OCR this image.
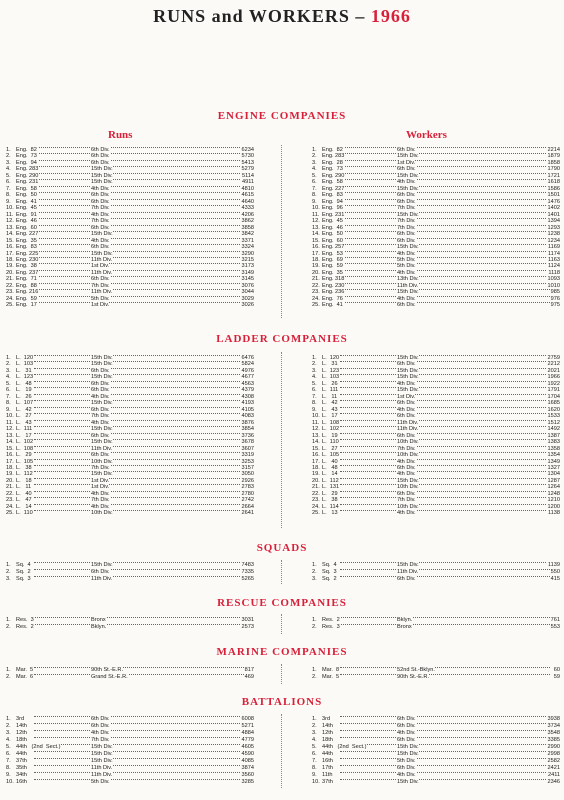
RUNS and WORKERS – 1966
ENGINE COMPANIES
Runs	Workers
1. Eng.  82	6th Div.	6234
2. Eng.  73	6th Div.	5730
3. Eng.  94	6th Div.	5413
4. Eng. 283	15th Div.	5279
5. Eng. 290	15th Div.	5114
6. Eng. 231	15th Div.	4911
7. Eng.  58	4th Div.	4810
8. Eng.  50	6th Div.	4615
9. Eng.  41	6th Div.	4640
10. Eng.  45	7th Div.	4333
11. Eng.  91	4th Div.	4206
12. Eng.  46	7th Div.	3862
13. Eng.  60	6th Div.	3858
14. Eng. 227	15th Div.	3842
15. Eng.  35	4th Div.	3371
16. Eng.  83	6th Div.	3324
17. Eng. 225	15th Div.	3290
18. Eng. 230	11th Div.	3215
19. Eng.  38	1st Div.	3173
20. Eng. 237	11th Div.	3149
21. Eng.  71	6th Div.	3145
22. Eng.  88	7th Div.	3076
23. Eng. 216	11th Div.	3044
24. Eng.  59	5th Div.	3029
25. Eng.  17	1st Div.	3026
1. Eng.  82	6th Div.	2214
2. Eng. 283	15th Div.	1879
3. Eng.  28	1st Div.	1858
4. Eng.  73	6th Div.	1790
5. Eng. 290	15th Div.	1721
6. Eng.  58	4th Div.	1618
7. Eng. 227	15th Div.	1586
8. Eng.  83	6th Div.	1501
9. Eng.  94	6th Div.	1476
10. Eng.  96	7th Div.	1402
11. Eng. 231	15th Div.	1401
12. Eng.  45	7th Div.	1394
13. Eng.  46	7th Div.	1293
14. Eng.  50	6th Div.	1238
15. Eng.  60	6th Div.	1234
16. Eng. 257	15th Div.	1169
17. Eng.  53	4th Div.	1174
18. Eng.  69	5th Div.	1163
19. Eng.  59	5th Div.	1124
20. Eng.  35	4th Div.	1118
21. Eng. 318	13th Div.	1093
22. Eng. 230	11th Div.	1010
23. Eng. 236	15th Div.	985
24. Eng.  76	4th Div.	976
25. Eng.  41	6th Div.	975
LADDER COMPANIES
1. L.  120	15th Div.	6476
2. L.  103	15th Div.	5824
3. L.   31	6th Div.	4976
4. L.  123	15th Div.	4677
5. L.   48	6th Div.	4563
6. L.   19	6th Div.	4379
7. L.   26	4th Div.	4308
8. L.  107	15th Div.	4193
9. L.   42	6th Div.	4105
10. L.   27	7th Div.	4083
11. L.   43	4th Div.	3876
12. L.  111	15th Div.	3854
13. L.   17	6th Div.	3736
14. L.  102	15th Div.	3678
15. L.  108	11th Div.	3607
16. L.   29	6th Div.	3319
17. L.  105	10th Div.	3253
18. L.   38	7th Div.	3157
19. L.  112	15th Div.	3050
20. L.   18	1st Div.	2926
21. L.   11	1st Div.	2783
22. L.   40	4th Div.	2780
23. L.   47	7th Div.	2742
24. L.   14	4th Div.	2664
25. L.  110	10th Div.	2641
1. L.  120	15th Div.	2759
2. L.   31	6th Div.	2212
3. L.  123	15th Div.	2021
4. L.  103	15th Div.	1966
5. L.   26	4th Div.	1922
6. L.  111	15th Div.	1791
7. L.   11	1st Div.	1704
8. L.   42	6th Div.	1685
9. L.   43	4th Div.	1620
10. L.   17	6th Div.	1533
11. L.  108	11th Div.	1512
12. L.  102	11th Div.	1492
13. L.   19	6th Div.	1387
14. L.  110	10th Div.	1383
15. L.   27	7th Div.	1358
16. L.  105	10th Div.	1354
17. L.   40	4th Div.	1349
18. L.   48	6th Div.	1327
19. L.   14	4th Div.	1304
20. L.  112	15th Div.	1287
21. L.  131	10th Div.	1264
22. L.   29	6th Div.	1248
23. L.   38	7th Div.	1210
24. L.  114	10th Div.	1200
25. L.   13	4th Div.	1138
SQUADS
1. Sq.  4	15th Div.	7483
2. Sq.  2	6th Div.	7335
3. Sq.  3	11th Div.	5265
1. Sq.  4	15th Div.	1139
2. Sq.  3	11th Div.	550
3. Sq.  2	6th Div.	415
RESCUE COMPANIES
1. Res.  3	Bronx	3031
2. Res.  2	Bklyn.	2573
1. Res.  2	Bklyn.	761
2. Res.  3	Bronx	553
MARINE COMPANIES
1. Mar.  5	90th St.-E.R.	817
2. Mar.  6	Grand St.-E.R.	469
1. Mar.  8	52nd St.-Bklyn.	60
2. Mar.  5	90th St.-E.R.	59
BATTALIONS
1. 3rd	6th Div.	6008
2. 14th	6th Div.	5271
3. 12th	4th Div.	4884
4. 18th	7th Div.	4779
5. 44th   (2nd  Sect.)	15th Div.	4605
6. 44th	15th Div.	4590
7. 37th	15th Div.	4085
8. 35th	11th Div.	3874
9. 34th	11th Div.	3560
10. 16th	5th Div.	3285
1. 3rd	6th Div.	3938
2. 14th	6th Div.	3734
3. 12th	4th Div.	3548
4. 18th	6th Div.	3385
5. 44th   (2nd  Sect.)	15th Div.	2990
6. 44th	15th Div.	2998
7. 16th	5th Div.	2582
8. 17th	6th Div.	2421
9. 11th	4th Div.	2411
10. 37th	15th Div.	2346
